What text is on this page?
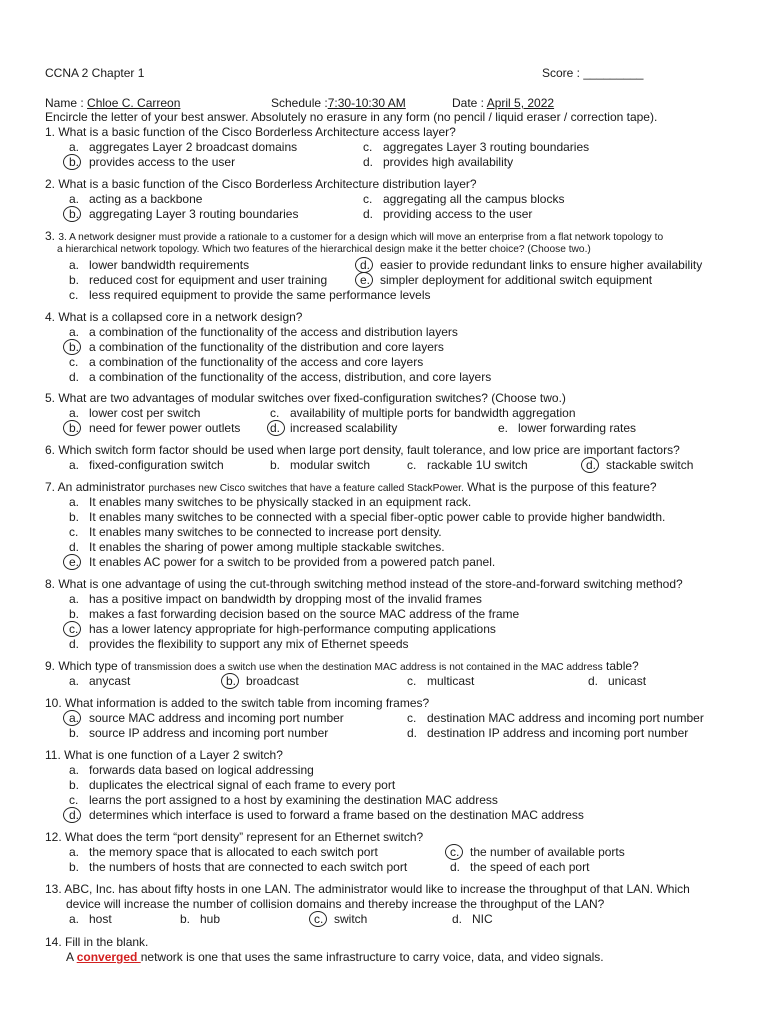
CCNA 2 Chapter 1	Score : _________
Name : Chloe C. Carreon	Schedule :7:30-10:30 AM	Date : April 5, 2022
Encircle the letter of your best answer. Absolutely no erasure in any form (no pencil / liquid eraser / correction tape).
1. What is a basic function of the Cisco Borderless Architecture access layer?
a. aggregates Layer 2 broadcast domains	c. aggregates Layer 3 routing boundaries
b. provides access to the user	d. provides high availability
2. What is a basic function of the Cisco Borderless Architecture distribution layer?
a. acting as a backbone	c. aggregating all the campus blocks
b. aggregating Layer 3 routing boundaries	d. providing access to the user
3. 3. A network designer must provide a rationale to a customer for a design which will move an enterprise from a flat network topology to
a hierarchical network topology. Which two features of the hierarchical design make it the better choice? (Choose two.)
a. lower bandwidth requirements	d. easier to provide redundant links to ensure higher availability
b. reduced cost for equipment and user training	e. simpler deployment for additional switch equipment
c. less required equipment to provide the same performance levels
4. What is a collapsed core in a network design?
a. a combination of the functionality of the access and distribution layers
b. a combination of the functionality of the distribution and core layers
c. a combination of the functionality of the access and core layers
d. a combination of the functionality of the access, distribution, and core layers
5. What are two advantages of modular switches over fixed-configuration switches? (Choose two.)
a. lower cost per switch	c. availability of multiple ports for bandwidth aggregation
b. need for fewer power outlets d. increased scalability	e. lower forwarding rates
6. Which switch form factor should be used when large port density, fault tolerance, and low price are important factors?
a. fixed-configuration switch	b. modular switch	c. rackable 1U switch	d. stackable switch
7. An administrator purchases new Cisco switches that have a feature called StackPower. What is the purpose of this feature?
a. It enables many switches to be physically stacked in an equipment rack.
b. It enables many switches to be connected with a special fiber-optic power cable to provide higher bandwidth.
c. It enables many switches to be connected to increase port density.
d. It enables the sharing of power among multiple stackable switches.
e. It enables AC power for a switch to be provided from a powered patch panel.
8. What is one advantage of using the cut-through switching method instead of the store-and-forward switching method?
a. has a positive impact on bandwidth by dropping most of the invalid frames
b. makes a fast forwarding decision based on the source MAC address of the frame
c. has a lower latency appropriate for high-performance computing applications
d. provides the flexibility to support any mix of Ethernet speeds
9. Which type of transmission does a switch use when the destination MAC address is not contained in the MAC address table?
a. anycast	b. broadcast	c. multicast	d. unicast
10. What information is added to the switch table from incoming frames?
a. source MAC address and incoming port number	c. destination MAC address and incoming port number
b. source IP address and incoming port number	d. destination IP address and incoming port number
11. What is one function of a Layer 2 switch?
a. forwards data based on logical addressing
b. duplicates the electrical signal of each frame to every port
c. learns the port assigned to a host by examining the destination MAC address
d. determines which interface is used to forward a frame based on the destination MAC address
12. What does the term “port density” represent for an Ethernet switch?
a. the memory space that is allocated to each switch port	c. the number of available ports
b. the numbers of hosts that are connected to each switch port	d. the speed of each port
13. ABC, Inc. has about fifty hosts in one LAN. The administrator would like to increase the throughput of that LAN. Which
device will increase the number of collision domains and thereby increase the throughput of the LAN?
a. host	b. hub	c. switch	d. NIC
14. Fill in the blank.
A converged network is one that uses the same infrastructure to carry voice, data, and video signals.
